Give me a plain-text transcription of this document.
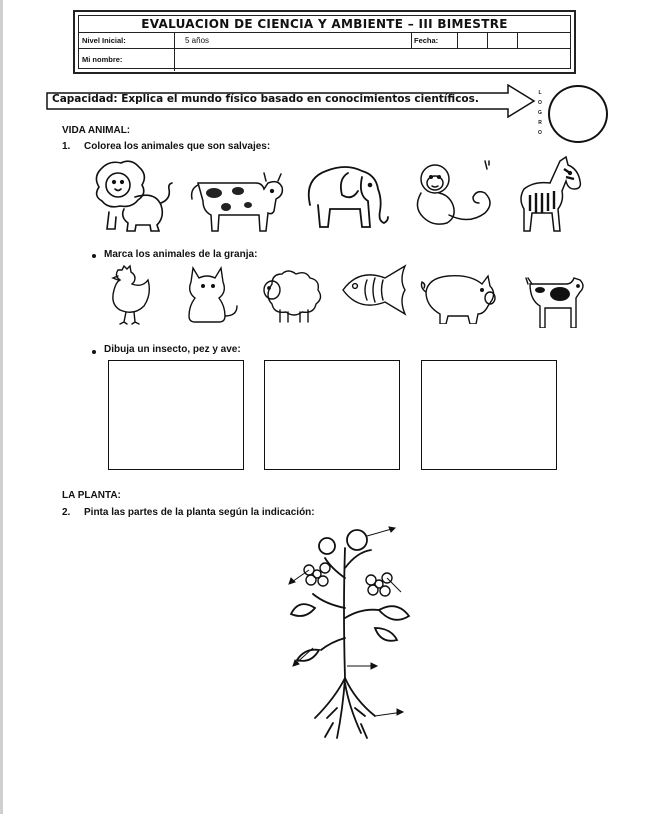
EVALUACION DE CIENCIA Y AMBIENTE – III BIMESTRE
Nivel Inicial:	5 años	Fecha:
Mi nombre:
Capacidad: Explica el mundo físico basado en conocimientos científicos.	L
O
G
R
O
VIDA ANIMAL:
1. Colorea los animales que son salvajes:
Marca los animales de la granja:
Dibuja un insecto, pez y ave:
LA PLANTA:
2. Pinta las partes de la planta según la indicación:
